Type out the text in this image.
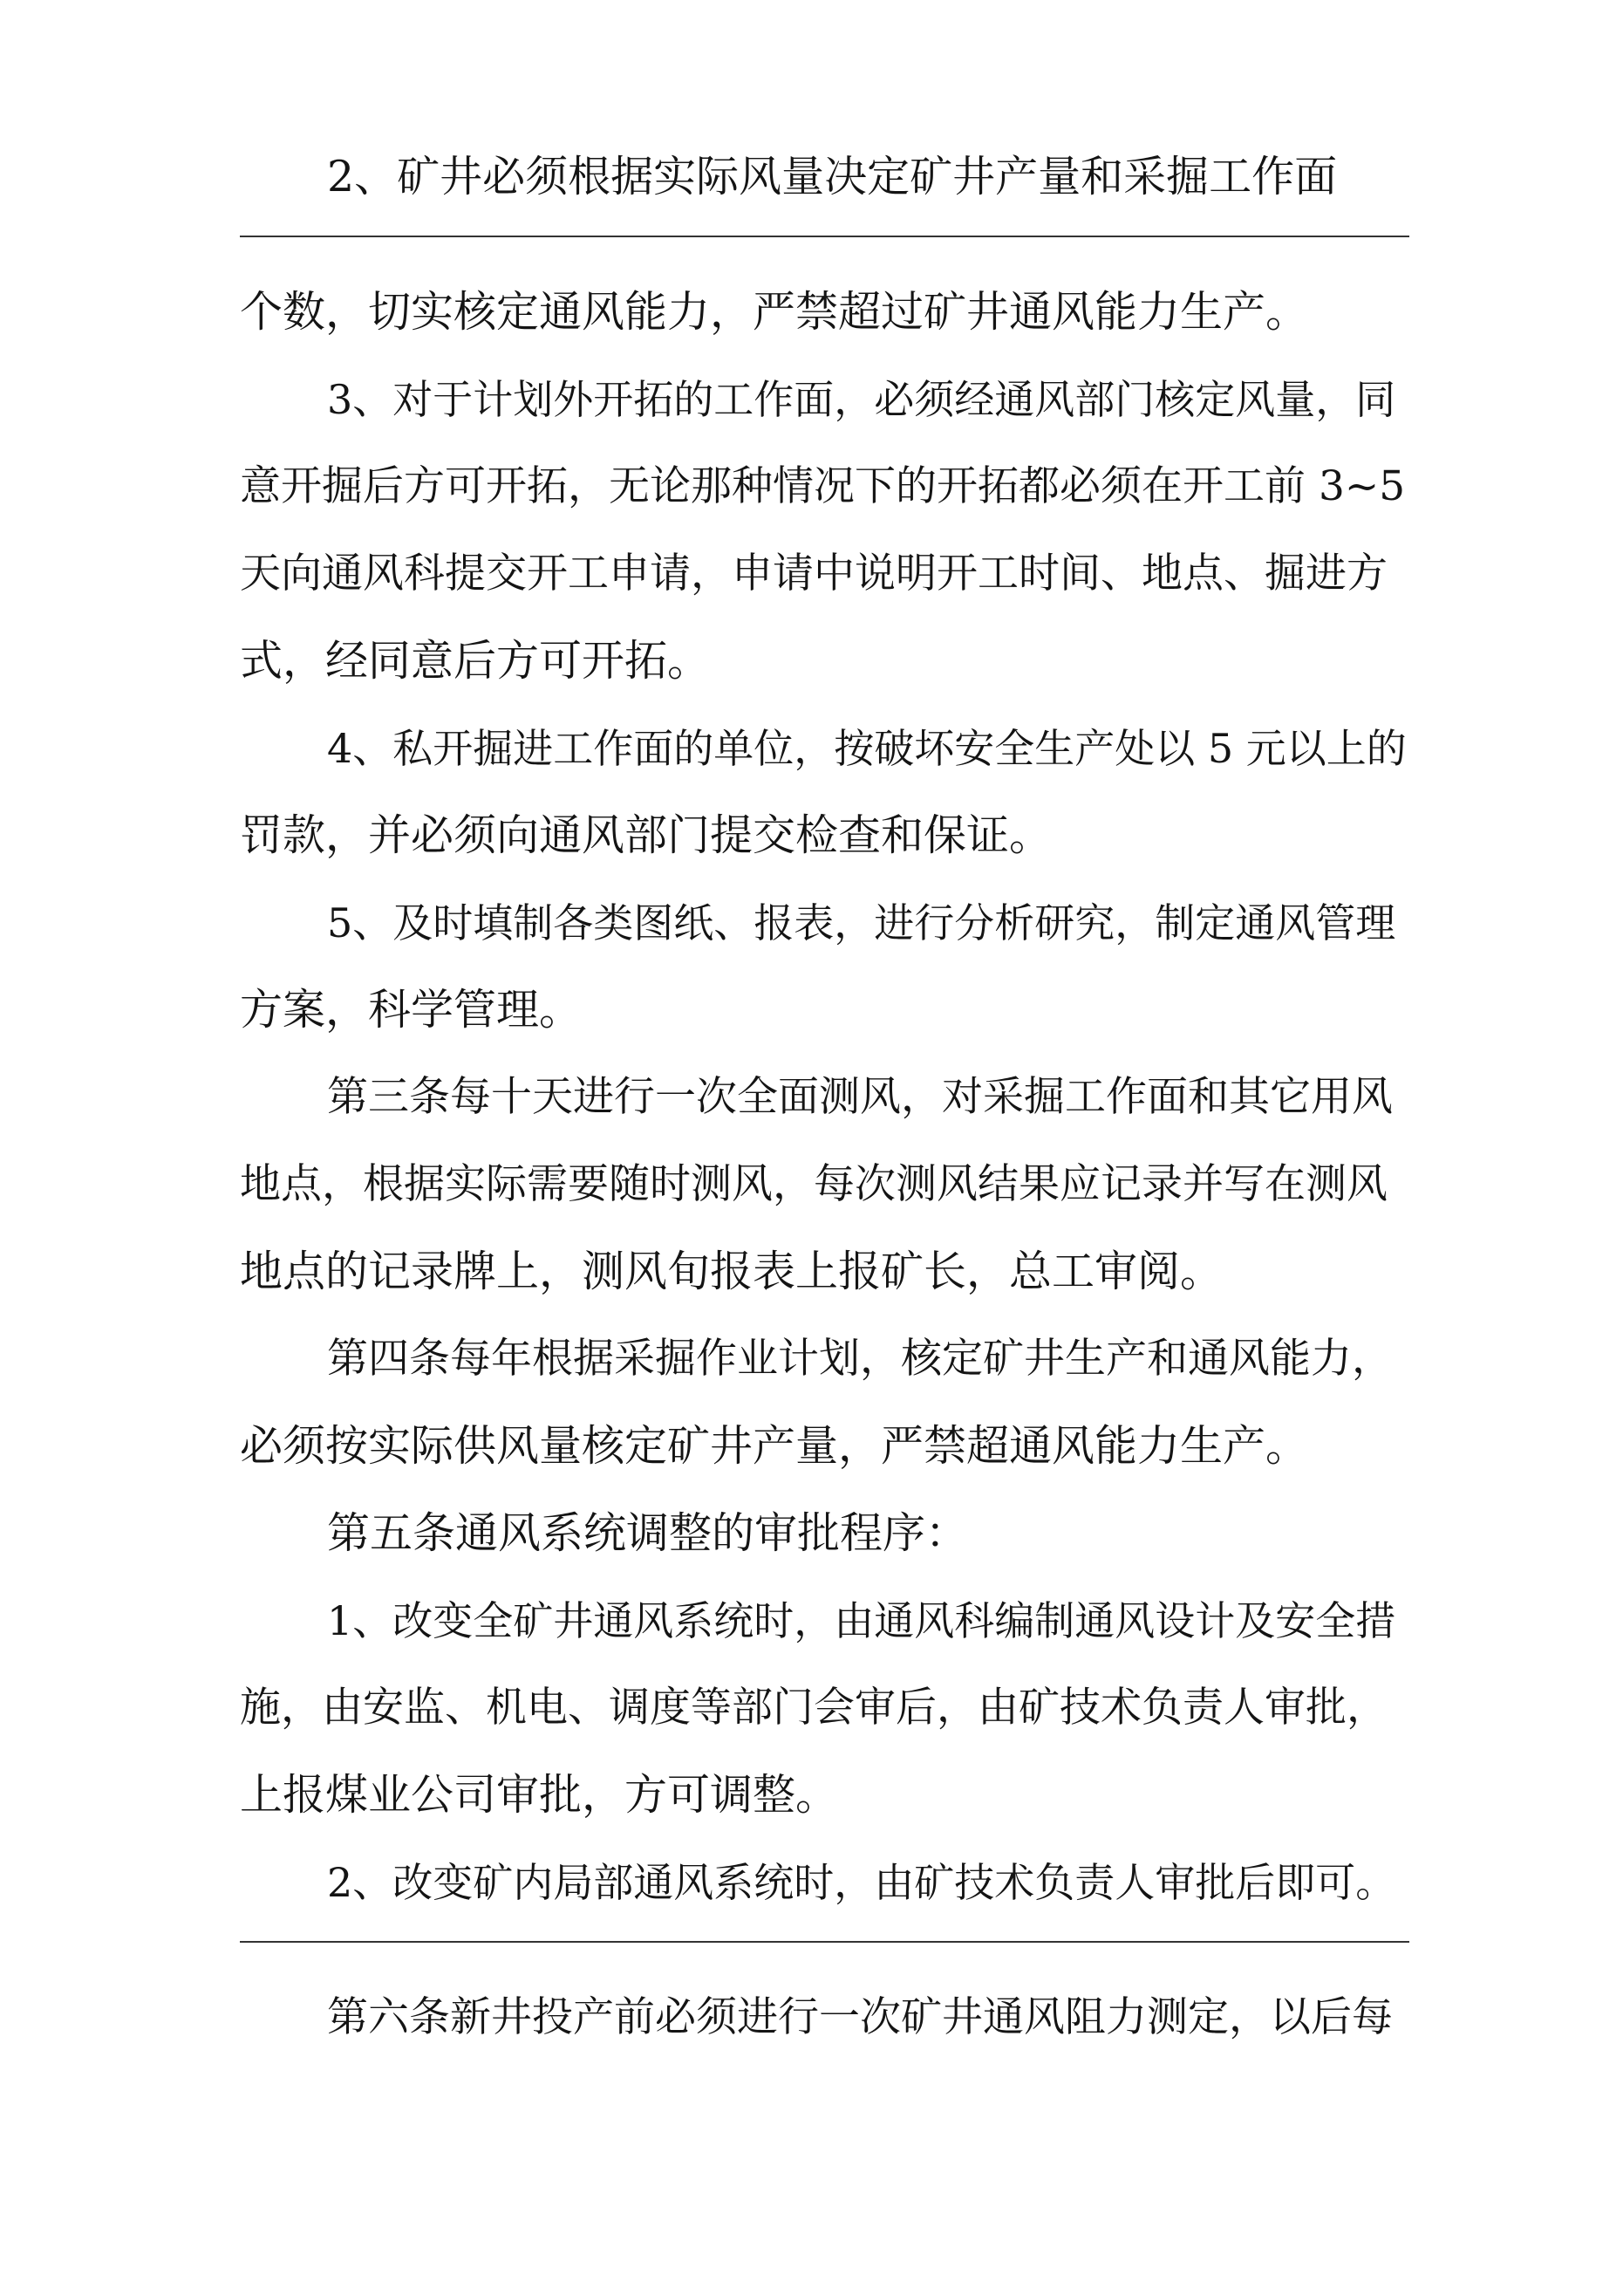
2、矿井必须根据实际风量决定矿井产量和采掘工作面
个数，切实核定通风能力，严禁超过矿井通风能力生产。
3、对于计划外开拓的工作面，必须经通风部门核定风量，同
意开掘后方可开拓，无论那种情况下的开拓都必须在开工前 3~5
天向通风科提交开工申请，申请中说明开工时间、地点、掘进方
式，经同意后方可开拓。
4、私开掘进工作面的单位，按破坏安全生产处以 5 元以上的
罚款，并必须向通风部门提交检查和保证。
5、及时填制各类图纸、报表，进行分析研究，制定通风管理
方案，科学管理。
第三条每十天进行一次全面测风，对采掘工作面和其它用风
地点，根据实际需要随时测风，每次测风结果应记录并写在测风
地点的记录牌上，测风旬报表上报矿长，总工审阅。
第四条每年根据采掘作业计划，核定矿井生产和通风能力，
必须按实际供风量核定矿井产量，严禁超通风能力生产。
第五条通风系统调整的审批程序：
1、改变全矿井通风系统时，由通风科编制通风设计及安全措
施，由安监、机电、调度等部门会审后，由矿技术负责人审批，
上报煤业公司审批，方可调整。
2、改变矿内局部通风系统时，由矿技术负责人审批后即可。
第六条新井投产前必须进行一次矿井通风阻力测定，以后每
